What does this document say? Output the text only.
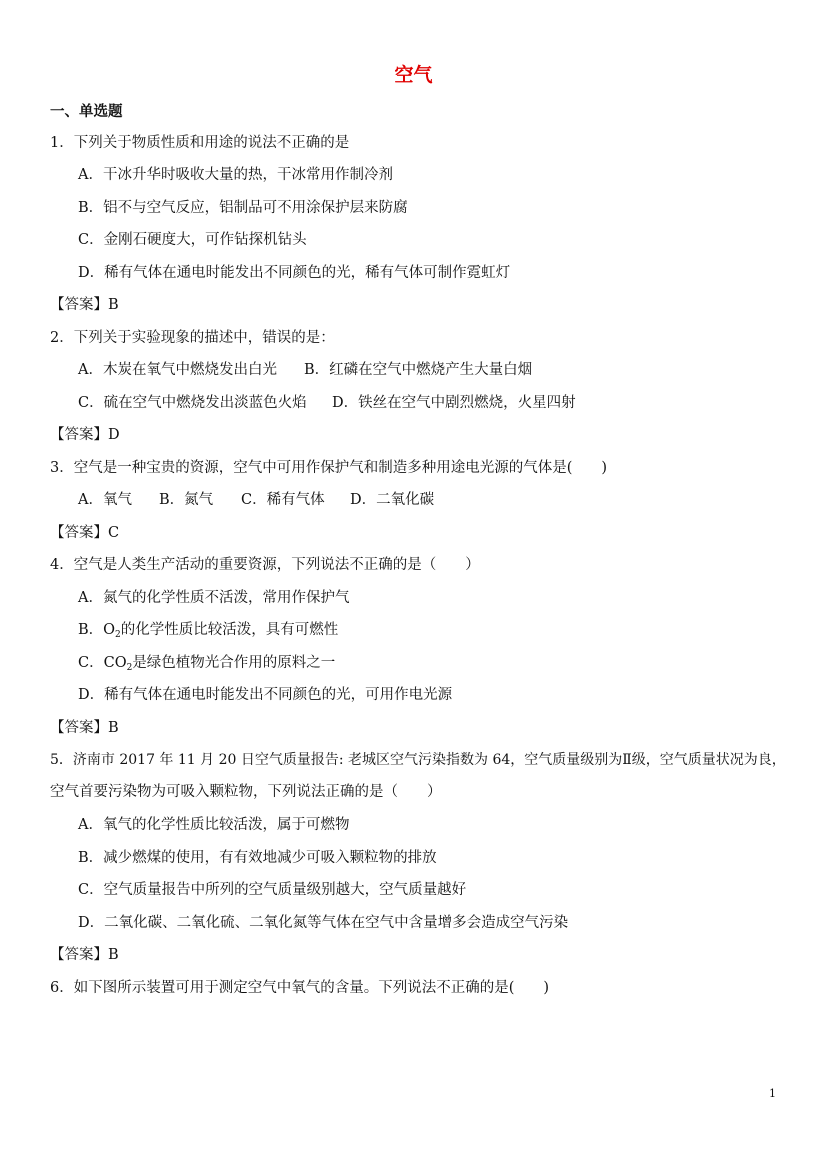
空气
一、单选题
1．下列关于物质性质和用途的说法不正确的是
A．干冰升华时吸收大量的热，干冰常用作制冷剂
B．铝不与空气反应，铝制品可不用涂保护层来防腐
C．金刚石硬度大，可作钻探机钻头
D．稀有气体在通电时能发出不同颜色的光，稀有气体可制作霓虹灯
【答案】B
2．下列关于实验现象的描述中，错误的是：
A．木炭在氧气中燃烧发出白光	B．红磷在空气中燃烧产生大量白烟
C．硫在空气中燃烧发出淡蓝色火焰	D．铁丝在空气中剧烈燃烧，火星四射
【答案】D
3．空气是一种宝贵的资源，空气中可用作保护气和制造多种用途电光源的气体是(　　)
A．氧气	B．氮气	C．稀有气体	D．二氧化碳
【答案】C
4．空气是人类生产活动的重要资源，下列说法不正确的是（　　）
A．氮气的化学性质不活泼，常用作保护气
B．$O_2$的化学性质比较活泼，具有可燃性
C．$CO_2$是绿色植物光合作用的原料之一
D．稀有气体在通电时能发出不同颜色的光，可用作电光源
【答案】B
5．济南市 2017 年 11 月 20 日空气质量报告: 老城区空气污染指数为 64，空气质量级别为Ⅱ级，空气质量状况为良，
空气首要污染物为可吸入颗粒物，下列说法正确的是（　　）
A．氧气的化学性质比较活泼，属于可燃物
B．减少燃煤的使用，有有效地减少可吸入颗粒物的排放
C．空气质量报告中所列的空气质量级别越大，空气质量越好
D．二氧化碳、二氧化硫、二氧化氮等气体在空气中含量增多会造成空气污染
【答案】B
6．如下图所示装置可用于测定空气中氧气的含量。下列说法不正确的是(　　)
1
